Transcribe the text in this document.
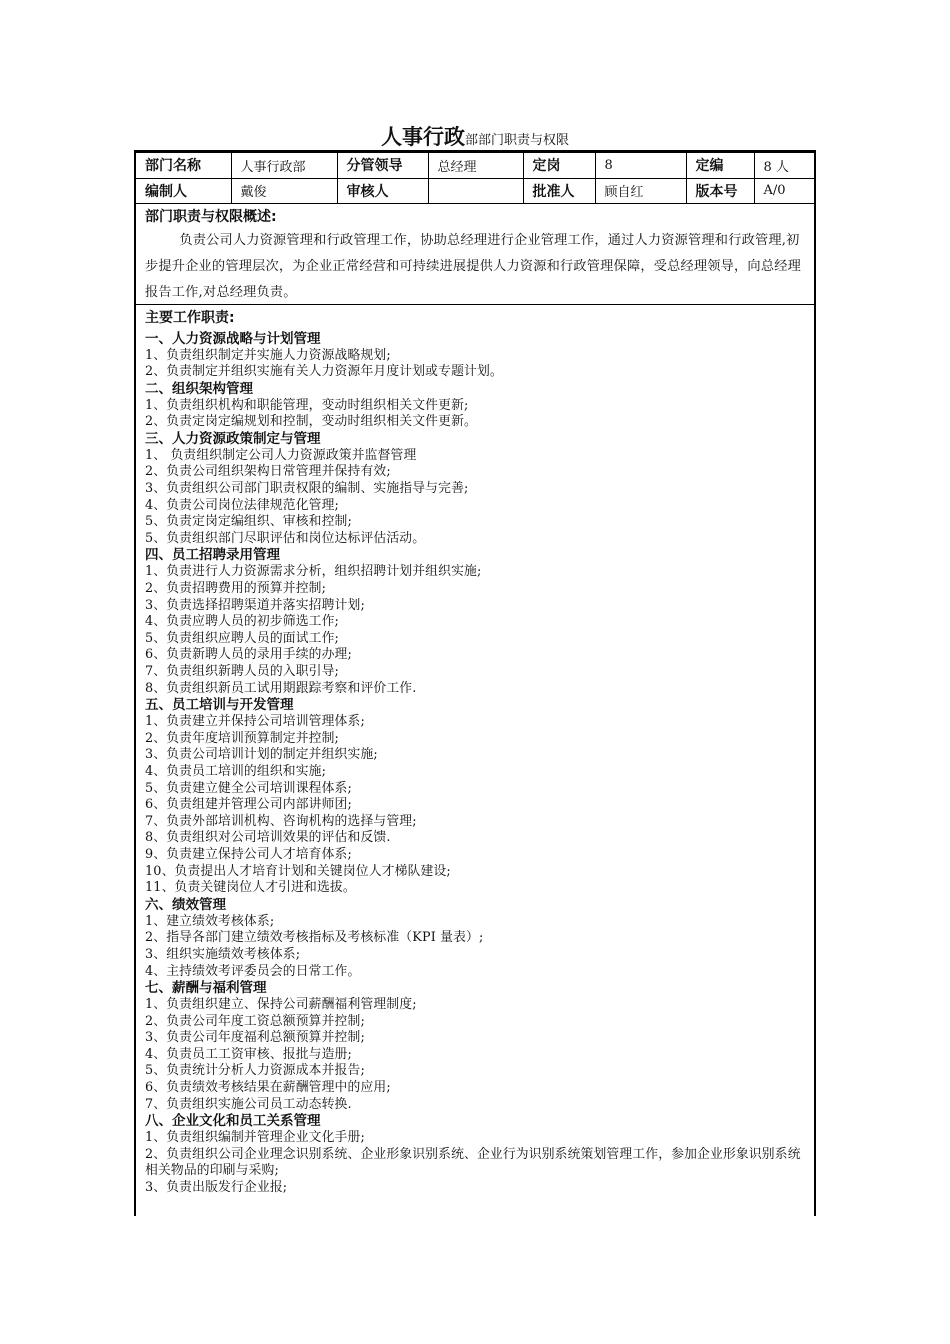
人事行政部部门职责与权限
部门名称	人事行政部	分管领导	总经理	定岗	8	定编	8 人
编制人	戴俊	审核人		批准人	顾自红	版本号	A/0
部门职责与权限概述:
负责公司人力资源管理和行政管理工作，协助总经理进行企业管理工作，通过人力资源管理和行政管理,初步提升企业的管理层次，为企业正常经营和可持续进展提供人力资源和行政管理保障，受总经理领导，向总经理报告工作,对总经理负责。
主要工作职责:
一、人力资源战略与计划管理
1、负责组织制定并实施人力资源战略规划;
2、负责制定并组织实施有关人力资源年月度计划或专题计划。
二、组织架构管理
1、负责组织机构和职能管理，变动时组织相关文件更新;
2、负责定岗定编规划和控制，变动时组织相关文件更新。
三、人力资源政策制定与管理
1、 负责组织制定公司人力资源政策并监督管理
2、负责公司组织架构日常管理并保持有效;
3、负责组织公司部门职责权限的编制、实施指导与完善;
4、负责公司岗位法律规范化管理;
5、负责定岗定编组织、审核和控制;
5、负责组织部门尽职评估和岗位达标评估活动。
四、员工招聘录用管理
1、负责进行人力资源需求分析，组织招聘计划并组织实施;
2、负责招聘费用的预算并控制;
3、负责选择招聘渠道并落实招聘计划;
4、负责应聘人员的初步筛选工作;
5、负责组织应聘人员的面试工作;
6、负责新聘人员的录用手续的办理;
7、负责组织新聘人员的入职引导;
8、负责组织新员工试用期跟踪考察和评价工作.
五、员工培训与开发管理
1、负责建立并保持公司培训管理体系;
2、负责年度培训预算制定并控制;
3、负责公司培训计划的制定并组织实施;
4、负责员工培训的组织和实施;
5、负责建立健全公司培训课程体系;
6、负责组建并管理公司内部讲师团;
7、负责外部培训机构、咨询机构的选择与管理;
8、负责组织对公司培训效果的评估和反馈.
9、负责建立保持公司人才培育体系;
10、负责提出人才培育计划和关键岗位人才梯队建设;
11、负责关键岗位人才引进和选拔。
六、绩效管理
1、建立绩效考核体系;
2、指导各部门建立绩效考核指标及考核标准（KPI 量表）;
3、组织实施绩效考核体系;
4、主持绩效考评委员会的日常工作。
七、薪酬与福利管理
1、负责组织建立、保持公司薪酬福利管理制度;
2、负责公司年度工资总额预算并控制;
3、负责公司年度福利总额预算并控制;
4、负责员工工资审核、报批与造册;
5、负责统计分析人力资源成本并报告;
6、负责绩效考核结果在薪酬管理中的应用;
7、负责组织实施公司员工动态转换.
八、企业文化和员工关系管理
1、负责组织编制并管理企业文化手册;
2、负责组织公司企业理念识别系统、企业形象识别系统、企业行为识别系统策划管理工作，参加企业形象识别系统相关物品的印刷与采购;
3、负责出版发行企业报;
